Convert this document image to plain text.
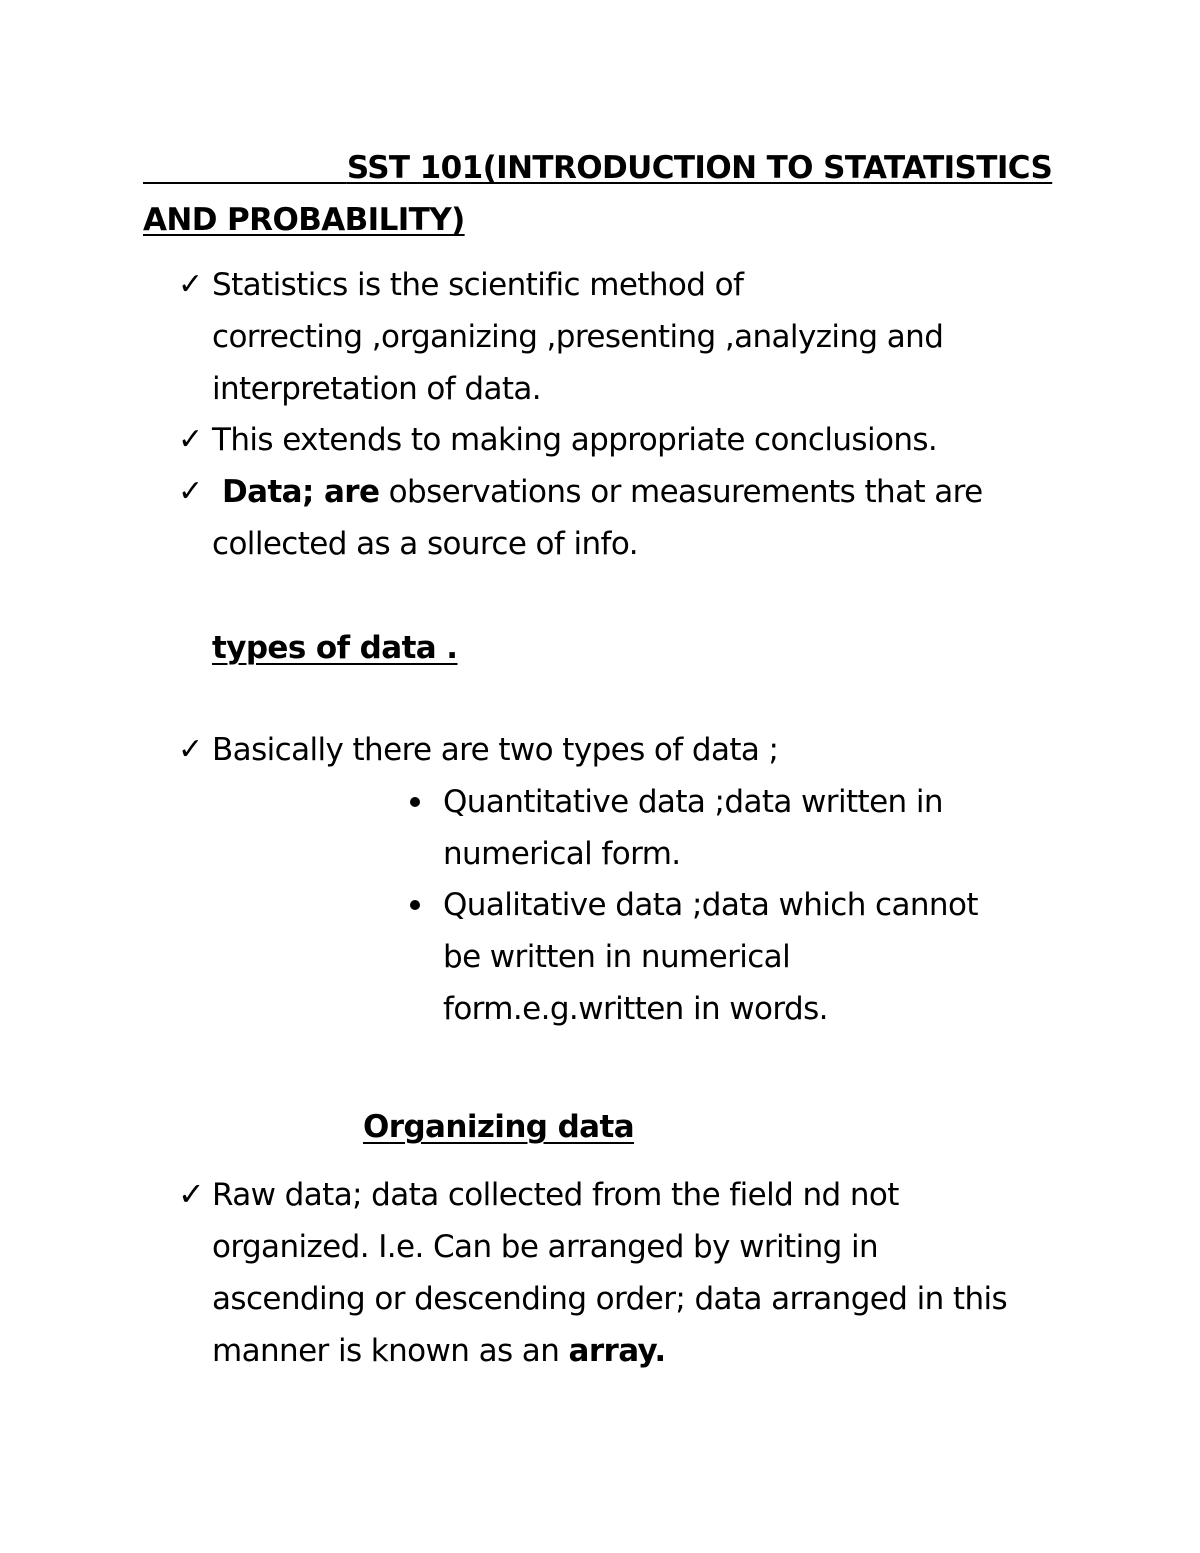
SST 101(INTRODUCTION TO STATATISTICS
AND PROBABILITY)
✓ Statistics is the scientific method of
correcting ,organizing ,presenting ,analyzing and
interpretation of data.
✓ This extends to making appropriate conclusions.
✓ Data; are observations or measurements that are
collected as a source of info.
types of data .
✓ Basically there are two types of data ;
Quantitative data ;data written in
numerical form.
Qualitative data ;data which cannot
be written in numerical
form.e.g.written in words.
Organizing data
✓ Raw data; data collected from the field nd not
organized. I.e. Can be arranged by writing in
ascending or descending order; data arranged in this
manner is known as an array.
